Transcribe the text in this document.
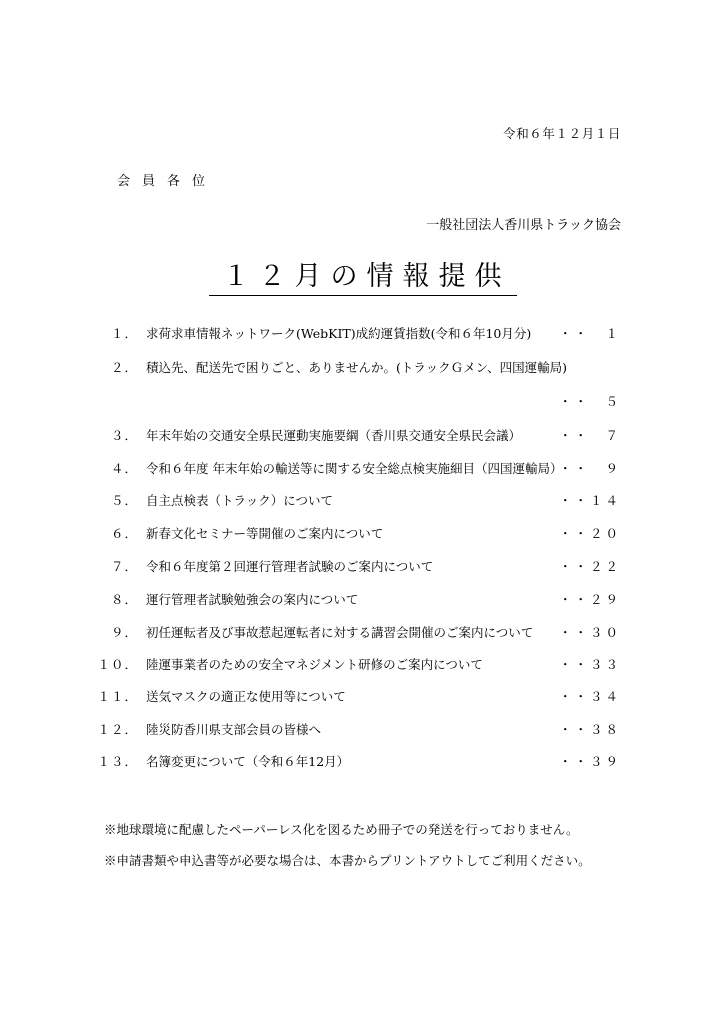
令和６年１２月１日
会員各位
一般社団法人香川県トラック協会
１２月の情報提供
１． 求荷求車情報ネットワーク(WebKIT)成約運賃指数(令和６年10月分) ・・　１
２． 積込先、配送先で困りごと、ありませんか。(トラックＧメン、四国運輸局)
・・　５
３． 年末年始の交通安全県民運動実施要綱（香川県交通安全県民会議）	・・　７
４． 令和６年度 年末年始の輸送等に関する安全総点検実施細目（四国運輸局）
・・　９
５． 自主点検表（トラック）について	・・１４
６． 新春文化セミナー等開催のご案内について	・・２０
７． 令和６年度第２回運行管理者試験のご案内について	・・２２
８． 運行管理者試験勉強会の案内について	・・２９
９． 初任運転者及び事故惹起運転者に対する講習会開催のご案内について ・・３０
１０． 陸運事業者のための安全マネジメント研修のご案内について	・・３３
１１． 送気マスクの適正な使用等について	・・３４
１２． 陸災防香川県支部会員の皆様へ	・・３８
１３． 名簿変更について（令和６年12月）	・・３９
※地球環境に配慮したペーパーレス化を図るため冊子での発送を行っておりません。
※申請書類や申込書等が必要な場合は、本書からプリントアウトしてご利用ください。
